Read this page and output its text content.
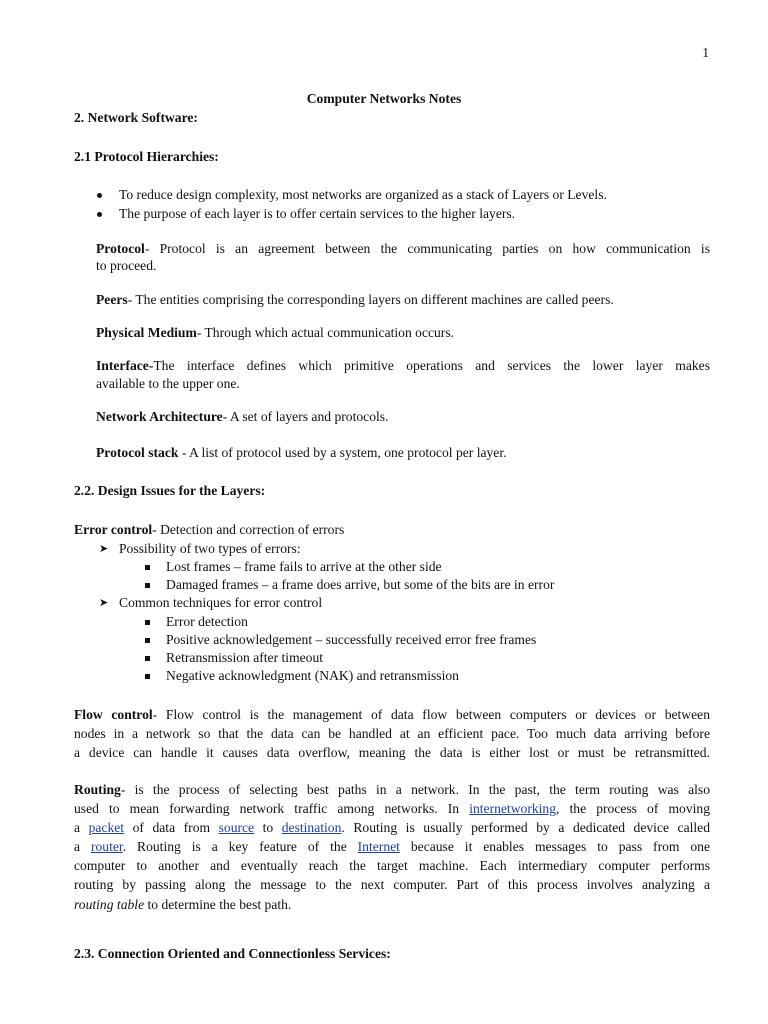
1
Computer Networks Notes
2. Network Software:
2.1 Protocol Hierarchies:
To reduce design complexity, most networks are organized as a stack of Layers or Levels.
The purpose of each layer is to offer certain services to the higher layers.
Protocol- Protocol is an agreement between the communicating parties on how communication is
to proceed.
Peers- The entities comprising the corresponding layers on different machines are called peers.
Physical Medium- Through which actual communication occurs.
Interface-The interface defines which primitive operations and services the lower layer makes
available to the upper one.
Network Architecture- A set of layers and protocols.
Protocol stack - A list of protocol used by a system, one protocol per layer.
2.2. Design Issues for the Layers:
Error control- Detection and correction of errors
➤ Possibility of two types of errors:
Lost frames – frame fails to arrive at the other side
Damaged frames – a frame does arrive, but some of the bits are in error
➤ Common techniques for error control
Error detection
Positive acknowledgement – successfully received error free frames
Retransmission after timeout
Negative acknowledgment (NAK) and retransmission
Flow control- Flow control is the management of data flow between computers or devices or between
nodes in a network so that the data can be handled at an efficient pace. Too much data arriving before
a device can handle it causes data overflow, meaning the data is either lost or must be retransmitted.
Routing- is the process of selecting best paths in a network. In the past, the term routing was also
used to mean forwarding network traffic among networks. In internetworking, the process of moving
a packet of data from source to destination. Routing is usually performed by a dedicated device called
a router. Routing is a key feature of the Internet because it enables messages to pass from one
computer to another and eventually reach the target machine. Each intermediary computer performs
routing by passing along the message to the next computer. Part of this process involves analyzing a
routing table to determine the best path.
2.3. Connection Oriented and Connectionless Services:
